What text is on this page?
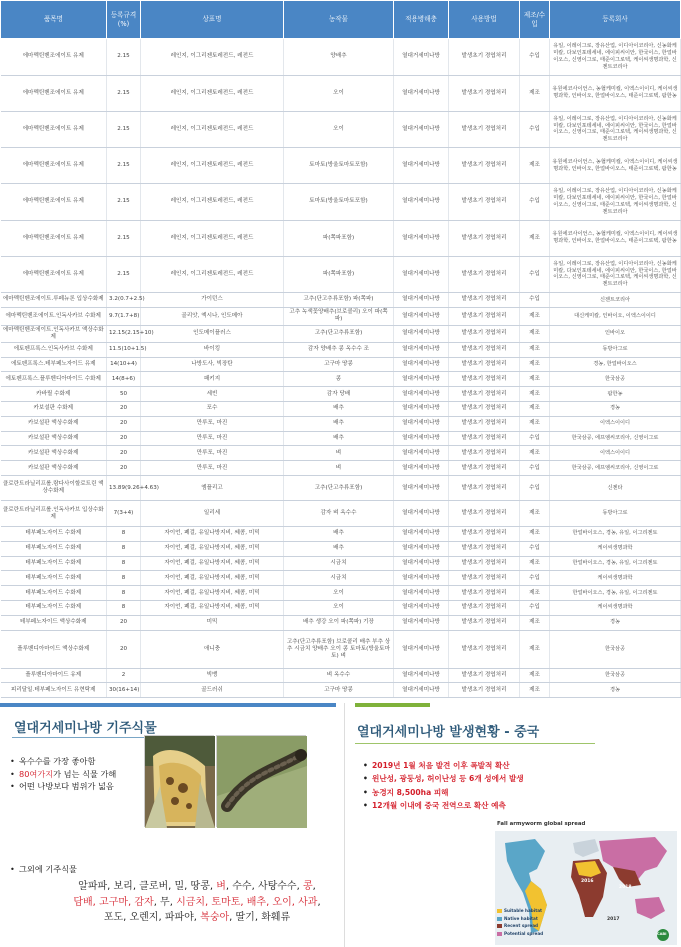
품목명	등록규격(%)	상표명	농작물	적용병해충	사용방법	제조/수입	등록회사
에마멕틴벤조에이트 유제	2.15	레인지, 이그리젠토레전드, 레전드	양배추	열대거세미나방	발생초기 경엽처리	수입	유일, 이레이그로, 장유산업, 이디아이코리아, 신농화케미칼, 다보인포테세네, 에이피씨이안, 한국이스, 한얼바이오스, 신영이그로, 태준이그로텍, 케이씨생명과학, 신젠트코리아
에마멕틴벤조에이트 유제	2.15	레인지, 이그리젠토레전드, 레전드	오이	열대거세미나방	발생초기 경엽처리	제조	유원에코사이언스, 농협케미컬, 이엑스이이디, 케이씨생명과학, 인바이오, 한얼바이오스, 태준이그로텍, 팜한농
에마멕틴벤조에이트 유제	2.15	레인지, 이그리젠토레전드, 레전드	오이	열대거세미나방	발생초기 경엽처리	수입	유일, 이레이그로, 장유산업, 이디아이코리아, 신농화케미칼, 다보인포테세네, 에이피씨이안, 한국이스, 한얼바이오스, 신영이그로, 태준이그로텍, 케이씨생명과학, 신젠트코리아
에마멕틴벤조에이트 유제	2.15	레인지, 이그리젠토레전드, 레전드	토마토(방울토마토포함)	열대거세미나방	발생초기 경엽처리	제조	유원에코사이언스, 농협케미컬, 이엑스이이디, 케이씨생명과학, 인바이오, 한얼바이오스, 태준이그로텍, 팜한농
에마멕틴벤조에이트 유제	2.15	레인지, 이그리젠토레전드, 레전드	토마토(방울토마토포함)	열대거세미나방	발생초기 경엽처리	수입	유일, 이레이그로, 장유산업, 이디아이코리아, 신농화케미칼, 다보인포테세네, 에이피씨이안, 한국이스, 한얼바이오스, 신영이그로, 태준이그로텍, 케이씨생명과학, 신젠트코리아
에마멕틴벤조에이트 유제	2.15	레인지, 이그리젠토레전드, 레전드	파(쪽파포함)	열대거세미나방	발생초기 경엽처리	제조	유원에코사이언스, 농협케미컬, 이엑스이이디, 케이씨생명과학, 인바이오, 한얼바이오스, 태준이그로텍, 팜한농
에마멕틴벤조에이트 유제	2.15	레인지, 이그리젠토레전드, 레전드	파(쪽파포함)	열대거세미나방	발생초기 경엽처리	수입	유일, 이레이그로, 장유산업, 이디아이코리아, 신농화케미칼, 다보인포테세네, 에이피씨이안, 한국이스, 한얼바이오스, 신영이그로, 태준이그로텍, 케이씨생명과학, 신젠트코리아
에마멕틴벤조에이트.루페뉴론 입상수화제	3.2(0.7+2.5)	가이던스	고추(단고추류포함) 파(쪽파)	열대거세미나방	발생초기 경엽처리	수입	신젠트코리아
에마멕틴벤조에이트.인독사카브 수화제	9.7(1.7+8)	골리앗, 엑시나, 인도메아	고추 녹색꽃양배추(브로콜리) 오이 파(쪽파)	열대거세미나방	발생초기 경엽처리	제조	대신케미칼, 인바이오, 이엑스이이디
에마멕틴벤조에이트.인독사카브 액상수화제	12.15(2.15+10)	인도메이플러스	고추(단고추류포함)	열대거세미나방	발생초기 경엽처리	제조	인바이오
에토펜프록스.인독사카브 수화제	11.5(10+1.5)	바이킹	감자 양배추 콩 옥수수 조	열대거세미나방	발생초기 경엽처리	제조	동방아그로
에토펜프록스.테부페노자이드 유제	14(10+4)	나방도사, 빅장탄	고구마 땅콩	열대거세미나방	발생초기 경엽처리	제조	경농, 한얼바이오스
에토펜프록스.플루벤디아마이드 수화제	14(8+6)	패키지	콩	열대거세미나방	발생초기 경엽처리	제조	한국삼공
카바릴 수화제	50	세빈	감자 당배	열대거세미나방	발생초기 경엽처리	제조	팜한농
카보설판 수화제	20	포수	배추	열대거세미나방	발생초기 경엽처리	제조	경농
카보설판 액상수화제	20	만루포, 마진	배추	열대거세미나방	발생초기 경엽처리	제조	이엑스이이디
카보설판 액상수화제	20	만루포, 마진	배추	열대거세미나방	발생초기 경엽처리	수입	한국삼공, 에프엠씨코리아, 신영이그로
카보설판 액상수화제	20	만루포, 마진	벼	열대거세미나방	발생초기 경엽처리	제조	이엑스이이디
카보설판 액상수화제	20	만루포, 마진	벼	열대거세미나방	발생초기 경엽처리	수입	한국삼공, 에프엠씨코리아, 신영이그로
클로란트라닐리프롤.람다사이할로트린 액상수화제	13.89(9.26+4.63)	엠플리고	고추(단고추류포함)	열대거세미나방	발생초기 경엽처리	수입	신젠타
클로란트라닐리프롤.인독사카브 입상수화제	7(3+4)	일리세	감자 벼 옥수수	열대거세미나방	발생초기 경엽처리	제조	동방아그로
테부페노자이드 수화제	8	자이언, 폐걸, 유일나방지비, 쎄콤, 미믹	배추	열대거세미나방	발생초기 경엽처리	제조	한얼바이오스, 경농, 유일, 이그리젠토
테부페노자이드 수화제	8	자이언, 폐걸, 유일나방지비, 쎄콤, 미믹	배추	열대거세미나방	발생초기 경엽처리	수입	케이씨생명과학
테부페노자이드 수화제	8	자이언, 폐걸, 유일나방지비, 쎄콤, 미믹	시금치	열대거세미나방	발생초기 경엽처리	제조	한얼바이오스, 경농, 유일, 이그리젠토
테부페노자이드 수화제	8	자이언, 폐걸, 유일나방지비, 쎄콤, 미믹	시금치	열대거세미나방	발생초기 경엽처리	수입	케이씨생명과학
테부페노자이드 수화제	8	자이언, 폐걸, 유일나방지비, 쎄콤, 미믹	오이	열대거세미나방	발생초기 경엽처리	제조	한얼바이오스, 경농, 유일, 이그리젠토
테부페노자이드 수화제	8	자이언, 폐걸, 유일나방지비, 쎄콤, 미믹	오이	열대거세미나방	발생초기 경엽처리	수입	케이씨생명과학
테부페노자이드 액상수화제	20	미믹	배추 생강 오이 파(쪽파) 기장	열대거세미나방	발생초기 경엽처리	제조	경농
플루벤디아마이드 액상수화제	20	애니충	고추(단고추류포함) 브로콜리 배추 부추 상추 시금치 양배추 오이 콩 토마토(방울토마토) 벼	열대거세미나방	발생초기 경엽처리	제조	한국삼공
플루벤디아마이드 유제	2	빅뱅	벼 옥수수	열대거세미나방	발생초기 경엽처리	제조	한국삼공
피리달일.테부페노자이드 유현탁제	30(16+14)	골드러쉬	고구마 땅콩	열대거세미나방	발생초기 경엽처리	제조	경농
열대거세미나방 기주식물
• 옥수수를 가장 좋아함
• 80여가지가 넘는 식물 가해
• 어떤 나방보다 범위가 넓음
• 그외에 기주식물
알파파, 보리, 클로버, 밀, 땅콩, 벼, 수수, 사탕수수, 콩,
담배, 고구마, 감자, 무, 시금치, 토마토, 배추, 오이, 사과,
포도, 오렌지, 파파야, 복숭아, 딸기, 화훼류
열대거세미나방 발생현황 - 중국
• 2019년 1월 처음 발견 이후 폭발적 확산
• 윈난성, 광둥성, 허이난성 등 6개 성에서 발생
• 농경지 8,500ha 피해
• 12개월 이내에 중국 전역으로 확산 예측
Fall armyworm global spread
2016
2018
2017
CABI
Suitable habitat
Native habitat
Recent spread
Potential spread
